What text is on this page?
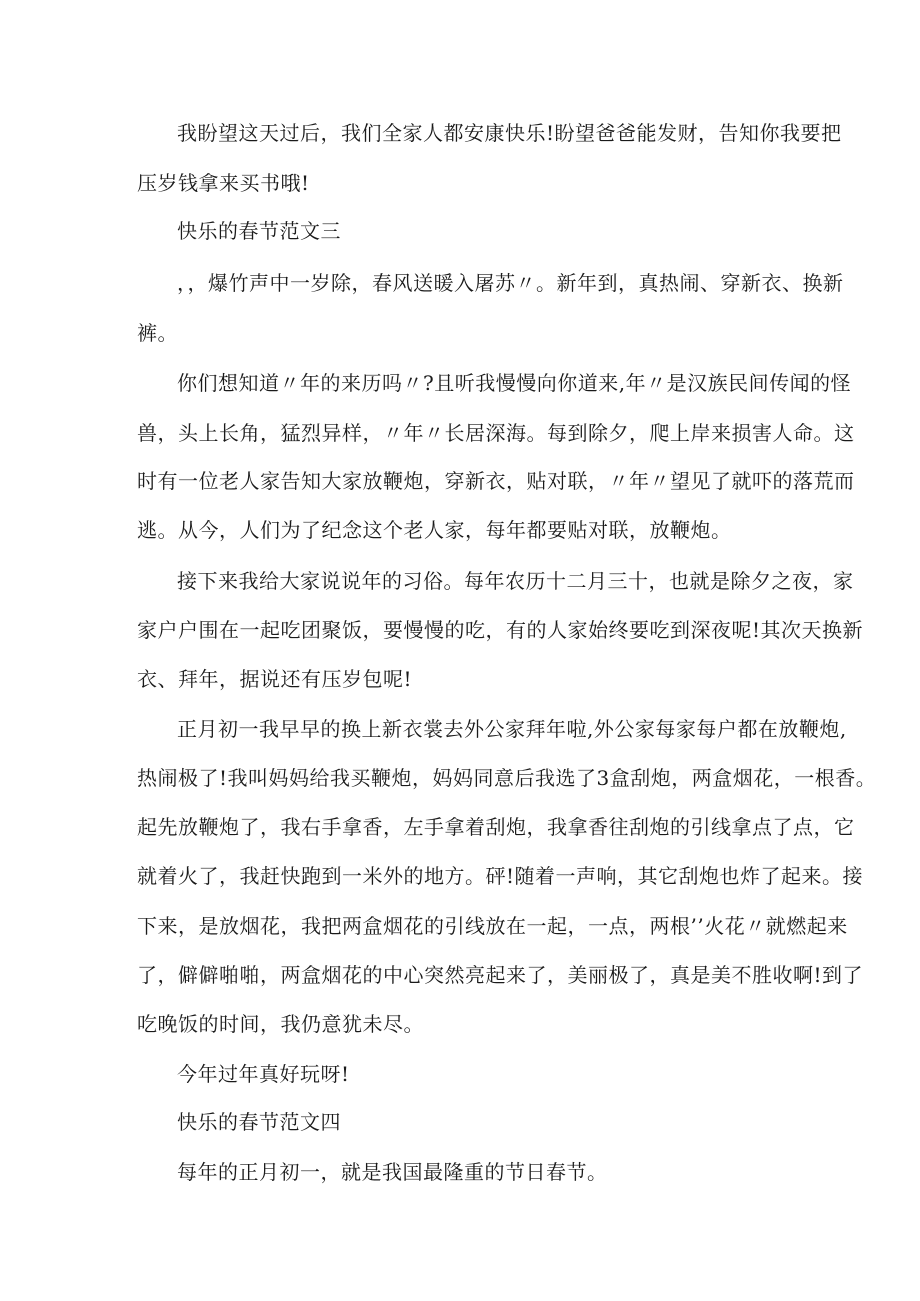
我盼望这天过后，我们全家人都安康快乐!盼望爸爸能发财，告知你我要把
压岁钱拿来买书哦!
快乐的春节范文三
，，爆竹声中一岁除，春风送暖入屠苏〃。新年到，真热闹、穿新衣、换新
裤。
你们想知道〃年的来历吗〃?且听我慢慢向你道来,年〃是汉族民间传闻的怪
兽，头上长角，猛烈异样，〃年〃长居深海。每到除夕，爬上岸来损害人命。这
时有一位老人家告知大家放鞭炮，穿新衣，贴对联，〃年〃望见了就吓的落荒而
逃。从今，人们为了纪念这个老人家，每年都要贴对联，放鞭炮。
接下来我给大家说说年的习俗。每年农历十二月三十，也就是除夕之夜，家
家户户围在一起吃团聚饭，要慢慢的吃，有的人家始终要吃到深夜呢!其次天换新
衣、拜年，据说还有压岁包呢!
正月初一我早早的换上新衣裳去外公家拜年啦,外公家每家每户都在放鞭炮,
热闹极了!我叫妈妈给我买鞭炮，妈妈同意后我选了3盒刮炮，两盒烟花，一根香。
起先放鞭炮了，我右手拿香，左手拿着刮炮，我拿香往刮炮的引线拿点了点，它
就着火了，我赶快跑到一米外的地方。砰!随着一声响，其它刮炮也炸了起来。接
下来，是放烟花，我把两盒烟花的引线放在一起，一点，两根’’火花〃就燃起来
了，僻僻啪啪，两盒烟花的中心突然亮起来了，美丽极了，真是美不胜收啊!到了
吃晚饭的时间，我仍意犹未尽。
今年过年真好玩呀!
快乐的春节范文四
每年的正月初一，就是我国最隆重的节日春节。
